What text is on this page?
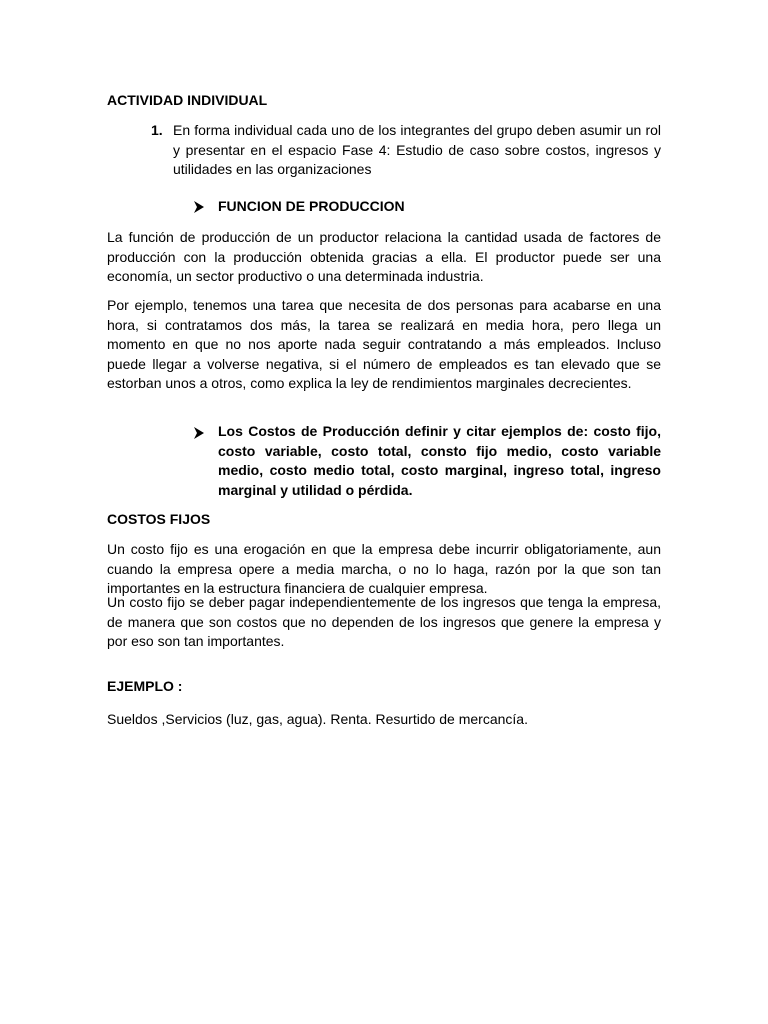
ACTIVIDAD INDIVIDUAL
1. En forma individual cada uno de los integrantes del grupo deben asumir un rol y presentar en el espacio Fase 4: Estudio de caso sobre costos, ingresos y utilidades en las organizaciones
FUNCION DE PRODUCCION
La función de producción de un productor relaciona la cantidad usada de factores de producción con la producción obtenida gracias a ella. El productor puede ser una economía, un sector productivo o una determinada industria.
Por ejemplo, tenemos una tarea que necesita de dos personas para acabarse en una hora, si contratamos dos más, la tarea se realizará en media hora, pero llega un momento en que no nos aporte nada seguir contratando a más empleados. Incluso puede llegar a volverse negativa, si el número de empleados es tan elevado que se estorban unos a otros, como explica la ley de rendimientos marginales decrecientes.
Los Costos de Producción definir y citar ejemplos de: costo fijo, costo variable, costo total, consto fijo medio, costo variable medio, costo medio total, costo marginal, ingreso total, ingreso marginal y utilidad o pérdida.
COSTOS FIJOS
Un costo fijo es una erogación en que la empresa debe incurrir obligatoriamente, aun cuando la empresa opere a media marcha, o no lo haga, razón por la que son tan importantes en la estructura financiera de cualquier empresa.
Un costo fijo se deber pagar independientemente de los ingresos que tenga la empresa, de manera que son costos que no dependen de los ingresos que genere la empresa y por eso son tan importantes.
EJEMPLO :
Sueldos ,Servicios (luz, gas, agua). Renta. Resurtido de mercancía.
